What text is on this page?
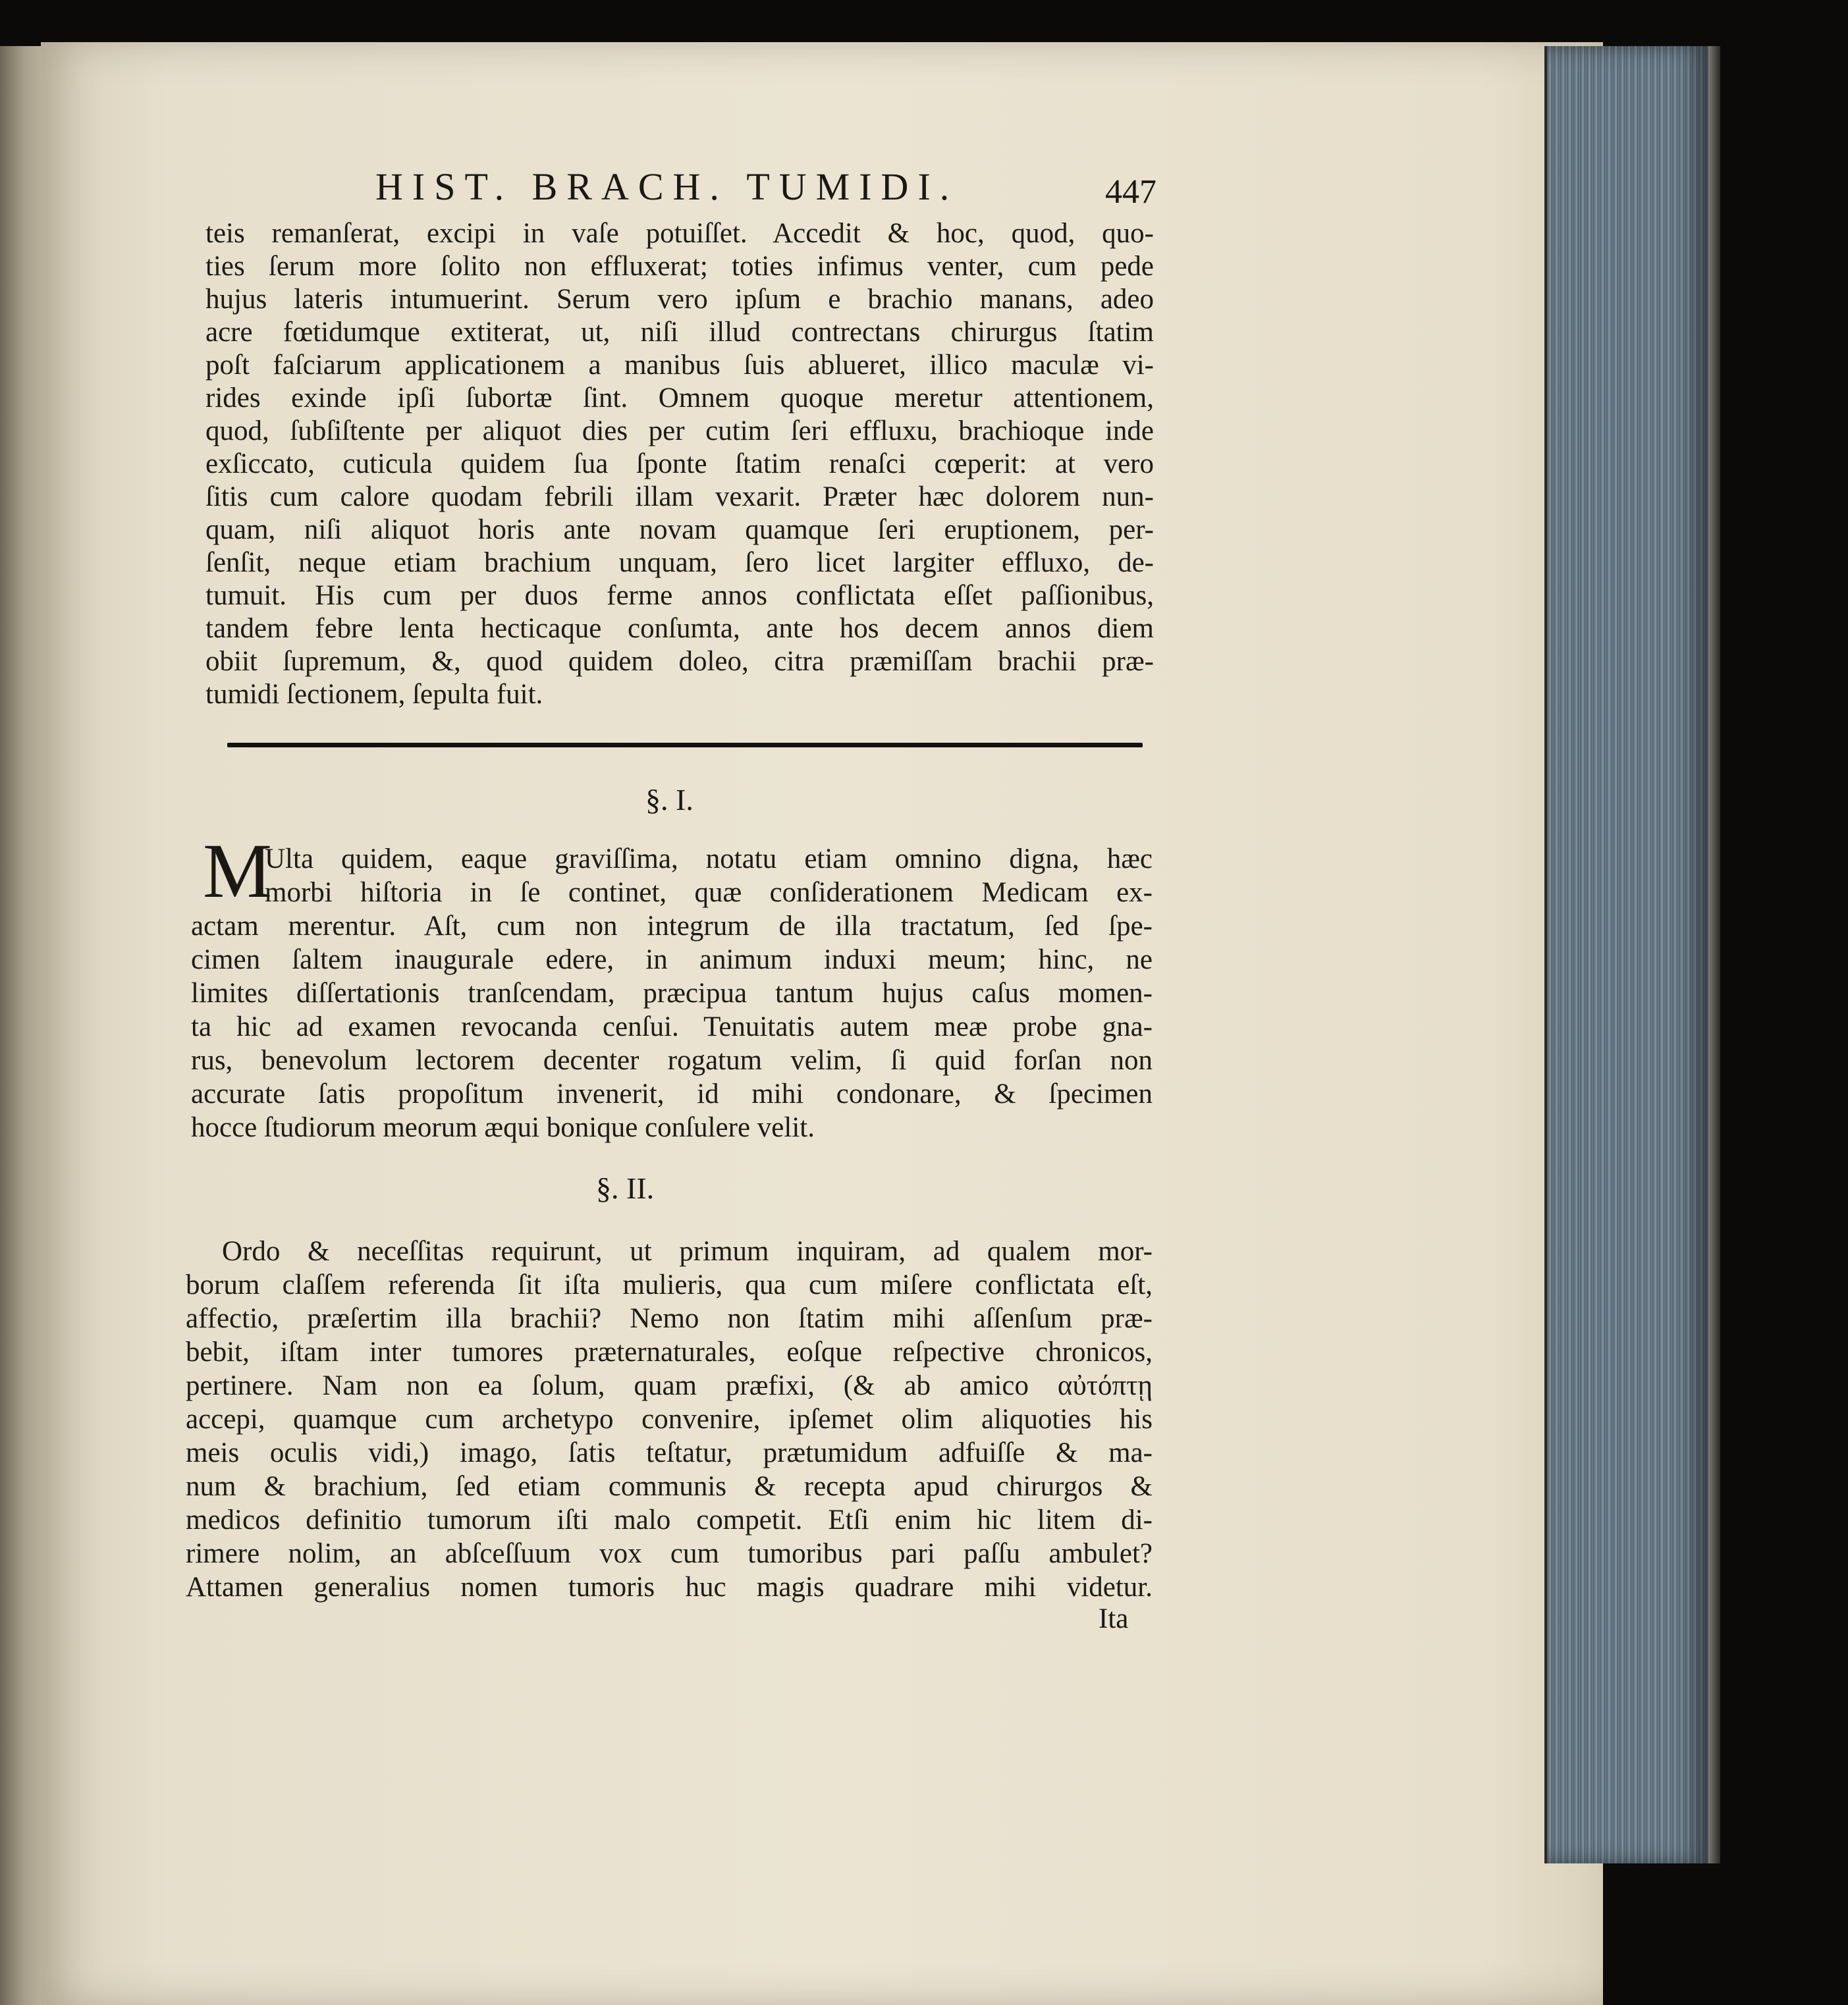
HIST. BRACH. TUMIDI.	447
teis remanſerat, excipi in vaſe potuiſſet. Accedit & hoc, quod, quo-
ties ſerum more ſolito non effluxerat; toties infimus venter, cum pede
hujus lateris intumuerint. Serum vero ipſum e brachio manans, adeo
acre fœtidumque extiterat, ut, niſi illud contrectans chirurgus ſtatim
poſt faſciarum applicationem a manibus ſuis ablueret, illico maculæ vi-
rides exinde ipſi ſubortæ ſint. Omnem quoque meretur attentionem,
quod, ſubſiſtente per aliquot dies per cutim ſeri effluxu, brachioque inde
exſiccato, cuticula quidem ſua ſponte ſtatim renaſci cœperit: at vero
ſitis cum calore quodam febrili illam vexarit. Præter hæc dolorem nun-
quam, niſi aliquot horis ante novam quamque ſeri eruptionem, per-
ſenſit, neque etiam brachium unquam, ſero licet largiter effluxo, de-
tumuit. His cum per duos ferme annos conflictata eſſet paſſionibus,
tandem febre lenta hecticaque conſumta, ante hos decem annos diem
obiit ſupremum, &, quod quidem doleo, citra præmiſſam brachii præ-
tumidi ſectionem, ſepulta fuit.
§. I.
M
Ulta quidem, eaque graviſſima, notatu etiam omnino digna, hæc
morbi hiſtoria in ſe continet, quæ conſiderationem Medicam ex-
actam merentur. Aſt, cum non integrum de illa tractatum, ſed ſpe-
cimen ſaltem inaugurale edere, in animum induxi meum; hinc, ne
limites diſſertationis tranſcendam, præcipua tantum hujus caſus momen-
ta hic ad examen revocanda cenſui. Tenuitatis autem meæ probe gna-
rus, benevolum lectorem decenter rogatum velim, ſi quid forſan non
accurate ſatis propoſitum invenerit, id mihi condonare, & ſpecimen
hocce ſtudiorum meorum æqui bonique conſulere velit.
§. II.
Ordo & neceſſitas requirunt, ut primum inquiram, ad qualem mor-
borum claſſem referenda ſit iſta mulieris, qua cum miſere conflictata eſt,
affectio, præſertim illa brachii? Nemo non ſtatim mihi aſſenſum præ-
bebit, iſtam inter tumores præternaturales, eoſque reſpective chronicos,
pertinere. Nam non ea ſolum, quam præfixi, (& ab amico αὐτόπτῃ
accepi, quamque cum archetypo convenire, ipſemet olim aliquoties his
meis oculis vidi,) imago, ſatis teſtatur, prætumidum adfuiſſe & ma-
num & brachium, ſed etiam communis & recepta apud chirurgos &
medicos definitio tumorum iſti malo competit. Etſi enim hic litem di-
rimere nolim, an abſceſſuum vox cum tumoribus pari paſſu ambulet?
Attamen generalius nomen tumoris huc magis quadrare mihi videtur.
Ita
